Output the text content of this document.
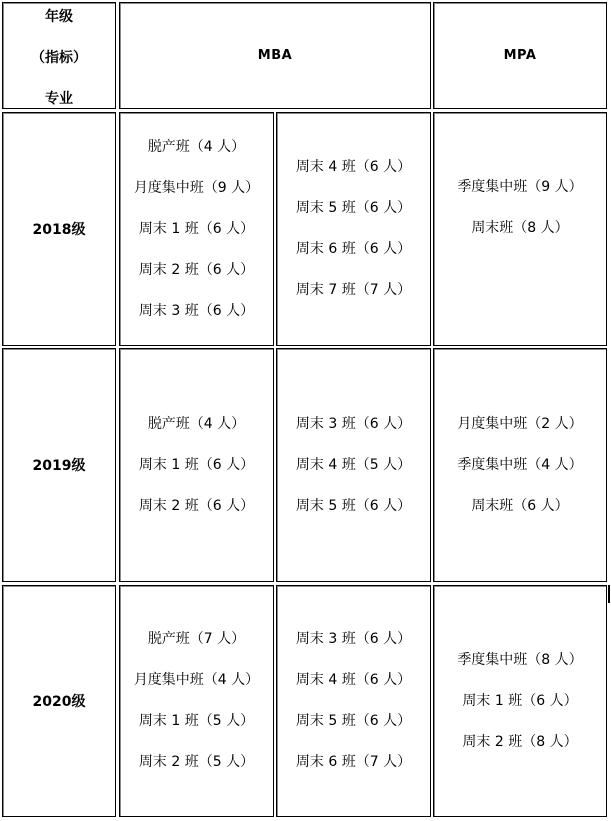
年级
（指标）
专业
MBA	MPA
2018级
脱产班（4 人）
月度集中班（9 人）
周末 1 班（6 人）
周末 2 班（6 人）
周末 3 班（6 人）
周末 4 班（6 人）
周末 5 班（6 人）
周末 6 班（6 人）
周末 7 班（7 人）
季度集中班（9 人）
周末班（8 人）
2019级
脱产班（4 人）
周末 1 班（6 人）
周末 2 班（6 人）
周末 3 班（6 人）
周末 4 班（5 人）
周末 5 班（6 人）
月度集中班（2 人）
季度集中班（4 人）
周末班（6 人）
2020级
脱产班（7 人）
月度集中班（4 人）
周末 1 班（5 人）
周末 2 班（5 人）
周末 3 班（6 人）
周末 4 班（6 人）
周末 5 班（6 人）
周末 6 班（7 人）
季度集中班（8 人）
周末 1 班（6 人）
周末 2 班（8 人）
